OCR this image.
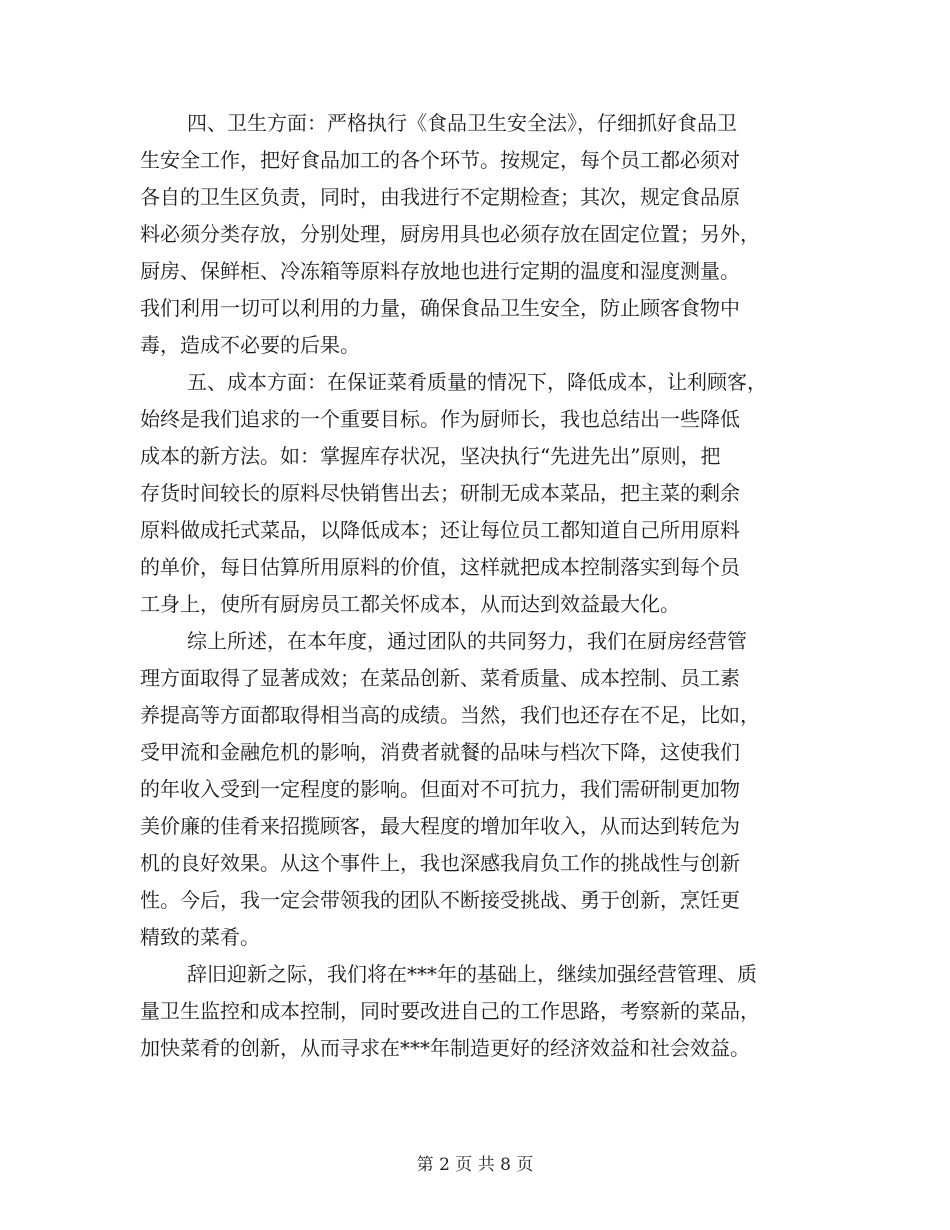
四、卫生方面：严格执行《食品卫生安全法》，仔细抓好食品卫
生安全工作，把好食品加工的各个环节。按规定，每个员工都必须对
各自的卫生区负责，同时，由我进行不定期检查；其次，规定食品原
料必须分类存放，分别处理，厨房用具也必须存放在固定位置；另外，
厨房、保鲜柜、冷冻箱等原料存放地也进行定期的温度和湿度测量。
我们利用一切可以利用的力量，确保食品卫生安全，防止顾客食物中
毒，造成不必要的后果。
五、成本方面：在保证菜肴质量的情况下，降低成本，让利顾客，
始终是我们追求的一个重要目标。作为厨师长，我也总结出一些降低
成本的新方法。如：掌握库存状况，坚决执行“先进先出”原则，把
存货时间较长的原料尽快销售出去；研制无成本菜品，把主菜的剩余
原料做成托式菜品，以降低成本；还让每位员工都知道自己所用原料
的单价，每日估算所用原料的价值，这样就把成本控制落实到每个员
工身上，使所有厨房员工都关怀成本，从而达到效益最大化。
综上所述，在本年度，通过团队的共同努力，我们在厨房经营管
理方面取得了显著成效；在菜品创新、菜肴质量、成本控制、员工素
养提高等方面都取得相当高的成绩。当然，我们也还存在不足，比如，
受甲流和金融危机的影响，消费者就餐的品味与档次下降，这使我们
的年收入受到一定程度的影响。但面对不可抗力，我们需研制更加物
美价廉的佳肴来招揽顾客，最大程度的增加年收入，从而达到转危为
机的良好效果。从这个事件上，我也深感我肩负工作的挑战性与创新
性。今后，我一定会带领我的团队不断接受挑战、勇于创新，烹饪更
精致的菜肴。
辞旧迎新之际，我们将在***年的基础上，继续加强经营管理、质
量卫生监控和成本控制，同时要改进自己的工作思路，考察新的菜品，
加快菜肴的创新，从而寻求在***年制造更好的经济效益和社会效益。
第 2 页 共 8 页
